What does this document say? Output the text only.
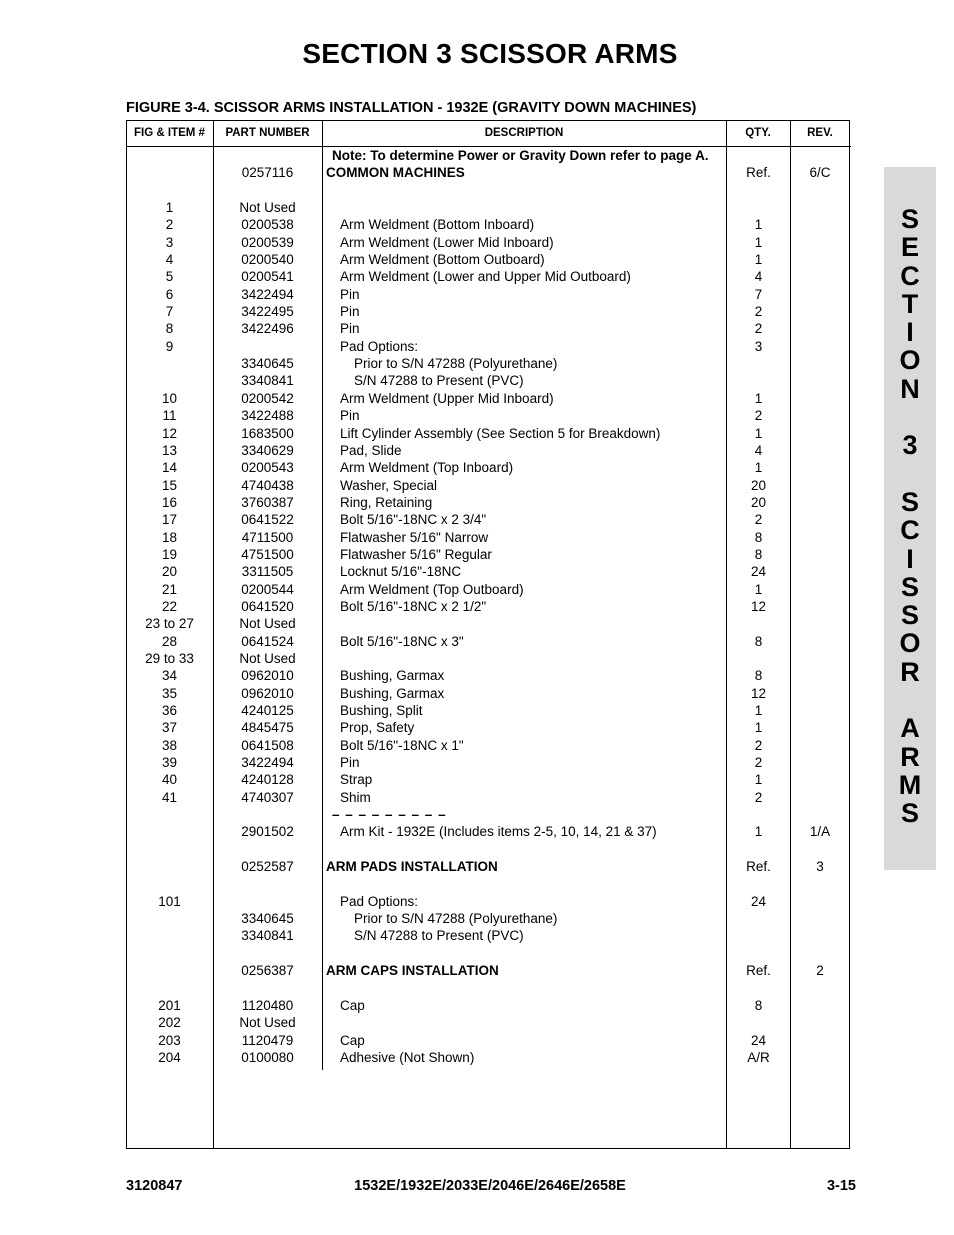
SECTION 3 SCISSOR ARMS
FIGURE 3-4. SCISSOR ARMS INSTALLATION - 1932E (GRAVITY DOWN MACHINES)
FIG & ITEM #	PART NUMBER	DESCRIPTION	QTY.	REV.
Note: To determine Power or Gravity Down refer to page A.
0257116	COMMON MACHINES	Ref.	6/C
1	Not Used
2	0200538	Arm Weldment (Bottom Inboard)	1
3	0200539	Arm Weldment (Lower Mid Inboard)	1
4	0200540	Arm Weldment (Bottom Outboard)	1
5	0200541	Arm Weldment (Lower and Upper Mid Outboard)	4
6	3422494	Pin	7
7	3422495	Pin	2
8	3422496	Pin	2
9	Pad Options:	3
3340645	Prior to S/N 47288 (Polyurethane)
3340841	S/N 47288 to Present (PVC)
10	0200542	Arm Weldment (Upper Mid Inboard)	1
11	3422488	Pin	2
12	1683500	Lift Cylinder Assembly (See Section 5 for Breakdown)	1
13	3340629	Pad, Slide	4
14	0200543	Arm Weldment (Top Inboard)	1
15	4740438	Washer, Special	20
16	3760387	Ring, Retaining	20
17	0641522	Bolt 5/16"-18NC x 2 3/4"	2
18	4711500	Flatwasher 5/16" Narrow	8
19	4751500	Flatwasher 5/16" Regular	8
20	3311505	Locknut 5/16"-18NC	24
21	0200544	Arm Weldment (Top Outboard)	1
22	0641520	Bolt 5/16"-18NC x 2 1/2"	12
23 to 27	Not Used
28	0641524	Bolt 5/16"-18NC x 3"	8
29 to 33	Not Used
34	0962010	Bushing, Garmax	8
35	0962010	Bushing, Garmax	12
36	4240125	Bushing, Split	1
37	4845475	Prop, Safety	1
38	0641508	Bolt 5/16"-18NC x 1"	2
39	3422494	Pin	2
40	4240128	Strap	1
41	4740307	Shim	2
– – – – – – – – –
2901502	Arm Kit - 1932E (Includes items 2-5, 10, 14, 21 & 37)	1	1/A
0252587	ARM PADS INSTALLATION	Ref.	3
101	Pad Options:	24
3340645	Prior to S/N 47288 (Polyurethane)
3340841	S/N 47288 to Present (PVC)
0256387	ARM CAPS INSTALLATION	Ref.	2
201	1120480	Cap	8
202	Not Used
203	1120479	Cap	24
204	0100080	Adhesive (Not Shown)	A/R
S
E
C
T
I
O
N
3
S
C
I
S
S
O
R
A
R
M
S
3120847	1532E/1932E/2033E/2046E/2646E/2658E	3-15
